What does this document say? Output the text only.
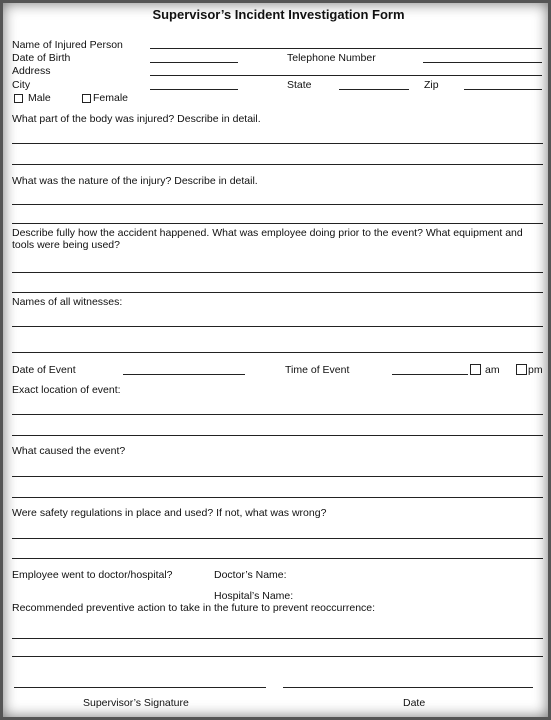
Supervisor’s Incident Investigation Form
Name of Injured Person
Date of Birth	Telephone Number
Address
City	State	Zip
Male	Female
What part of the body was injured? Describe in detail.
What was the nature of the injury? Describe in detail.
Describe fully how the accident happened. What was employee doing prior to the event? What equipment and tools were being used?
Names of all witnesses:
Date of Event	Time of Event	am	pm
Exact location of event:
What caused the event?
Were safety regulations in place and used? If not, what was wrong?
Employee went to doctor/hospital?	Doctor’s Name:
Hospital’s Name:
Recommended preventive action to take in the future to prevent reoccurrence:
Supervisor’s Signature	Date
